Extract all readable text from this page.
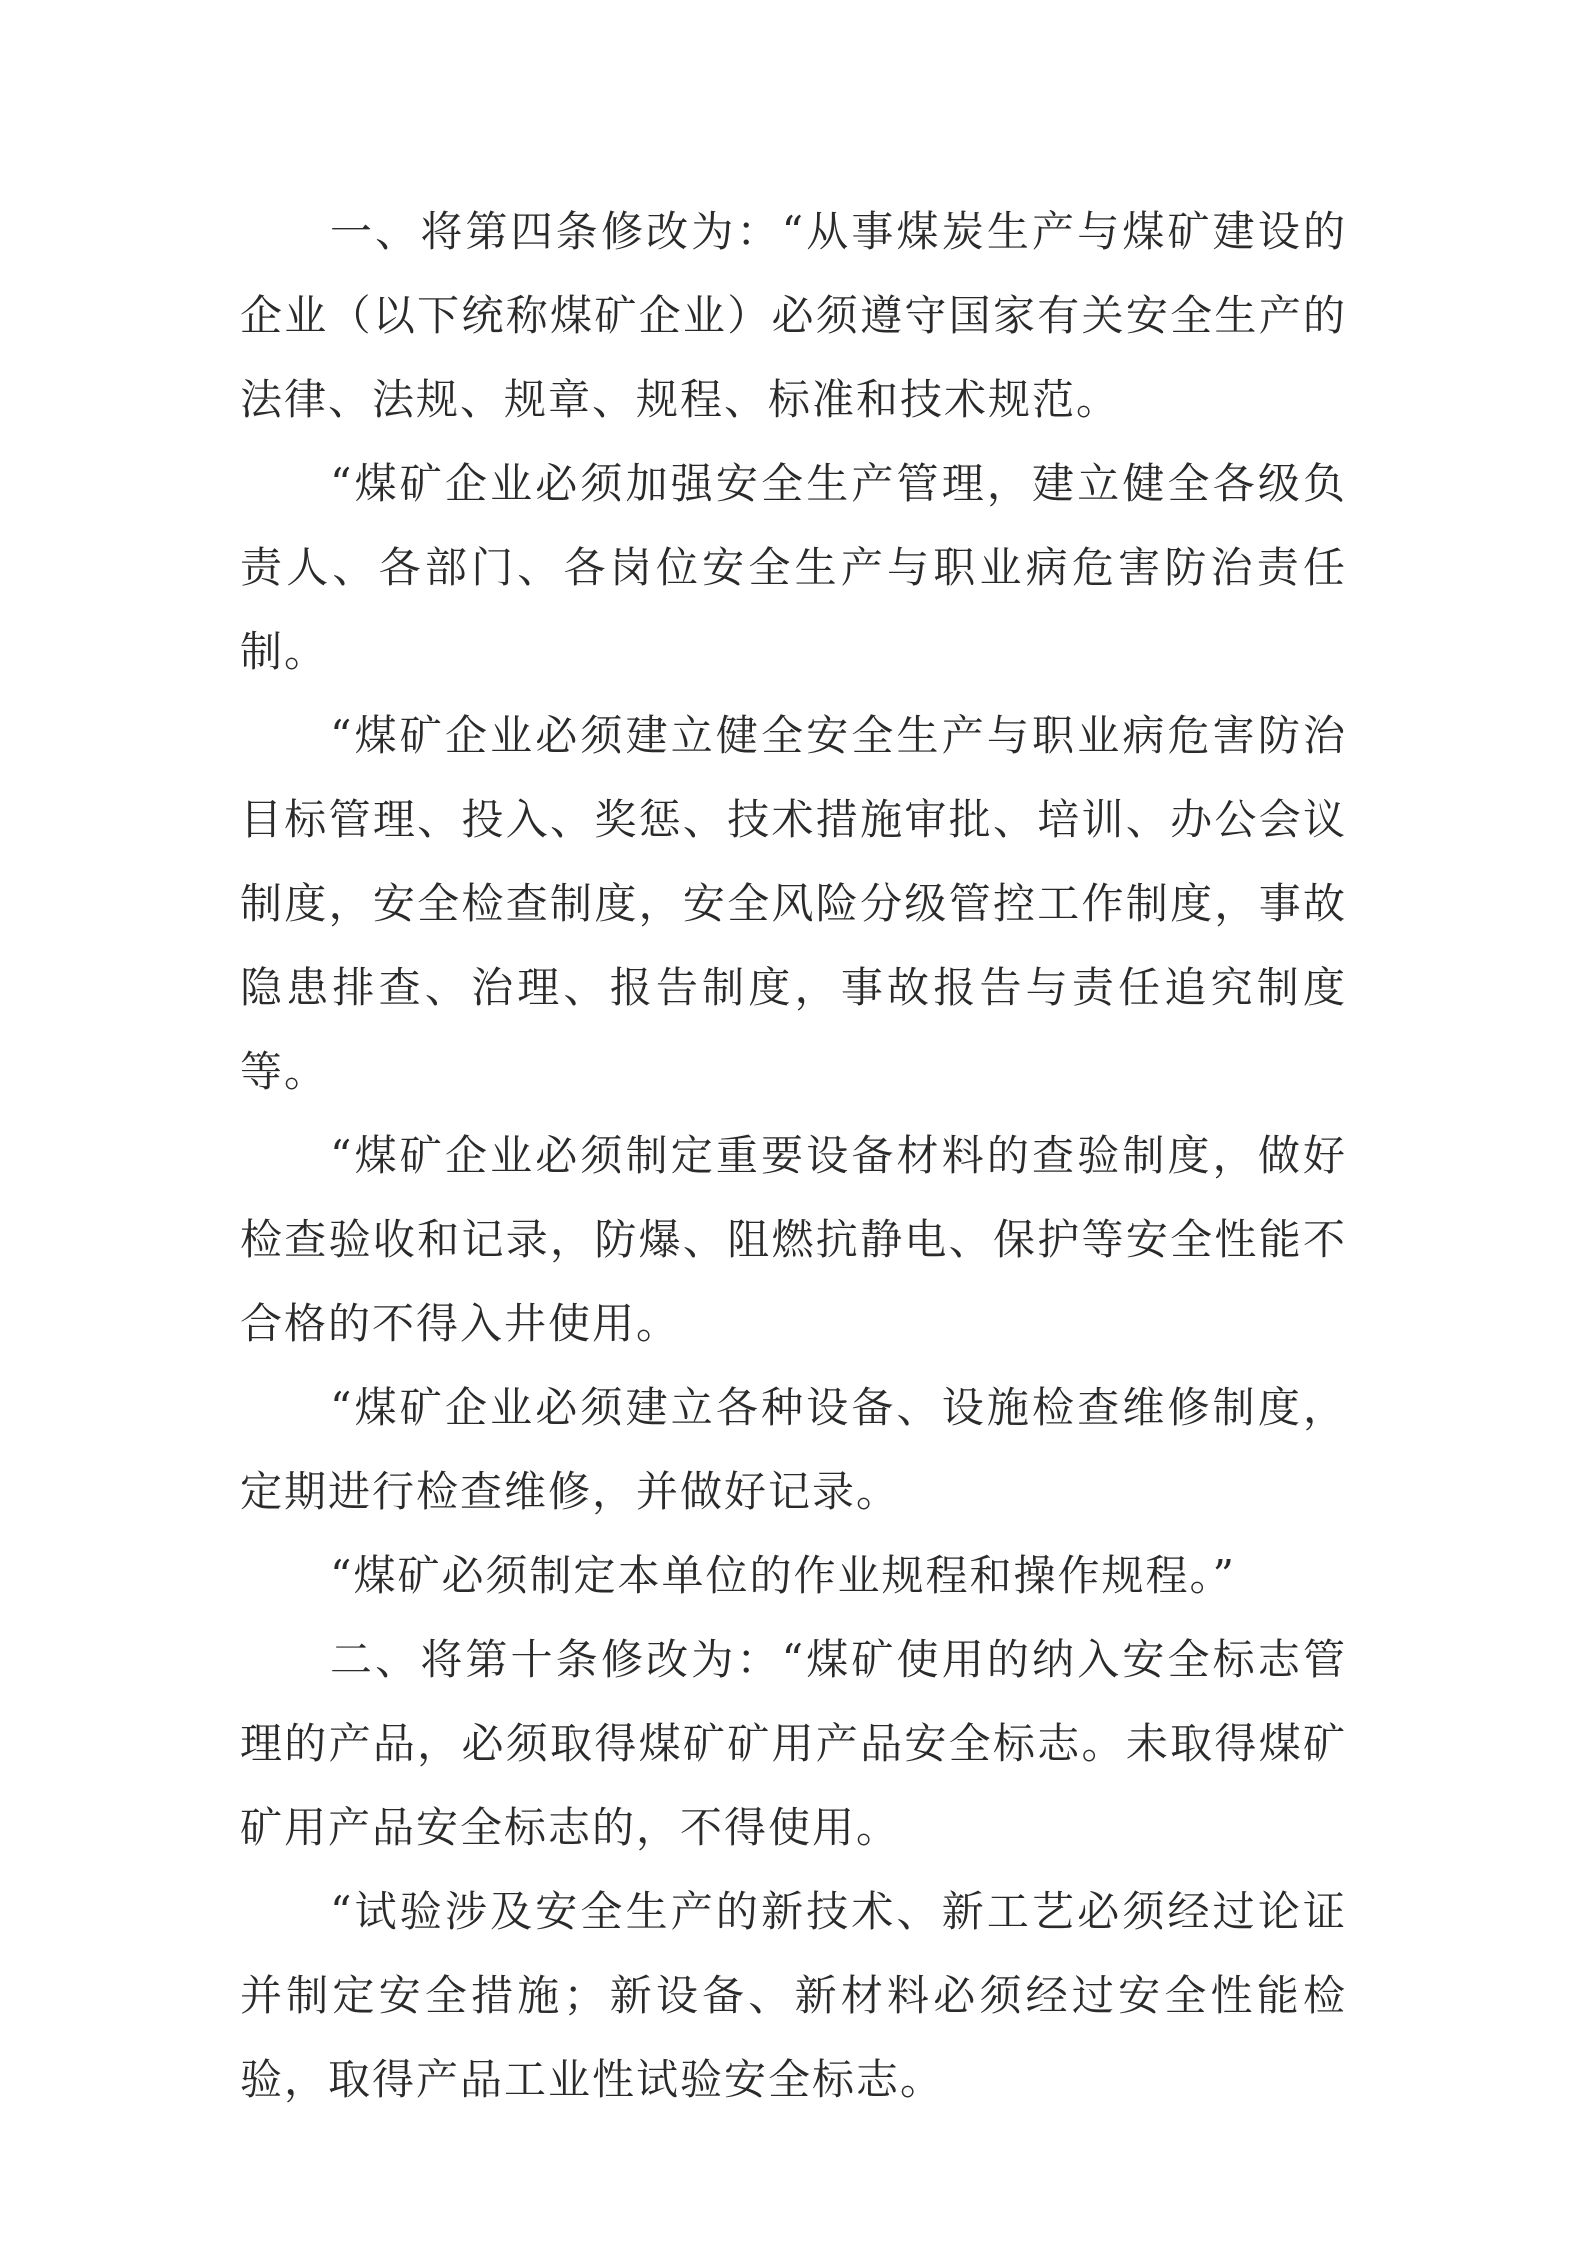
一、将第四条修改为：“从事煤炭生产与煤矿建设的企业（以下统称煤矿企业）必须遵守国家有关安全生产的法律、法规、规章、规程、标准和技术规范。

“煤矿企业必须加强安全生产管理，建立健全各级负责人、各部门、各岗位安全生产与职业病危害防治责任制。

“煤矿企业必须建立健全安全生产与职业病危害防治目标管理、投入、奖惩、技术措施审批、培训、办公会议制度，安全检查制度，安全风险分级管控工作制度，事故隐患排查、治理、报告制度，事故报告与责任追究制度等。

“煤矿企业必须制定重要设备材料的查验制度，做好检查验收和记录，防爆、阻燃抗静电、保护等安全性能不合格的不得入井使用。

“煤矿企业必须建立各种设备、设施检查维修制度，定期进行检查维修，并做好记录。

“煤矿必须制定本单位的作业规程和操作规程。”

二、将第十条修改为：“煤矿使用的纳入安全标志管理的产品，必须取得煤矿矿用产品安全标志。未取得煤矿矿用产品安全标志的，不得使用。

“试验涉及安全生产的新技术、新工艺必须经过论证并制定安全措施；新设备、新材料必须经过安全性能检验，取得产品工业性试验安全标志。
